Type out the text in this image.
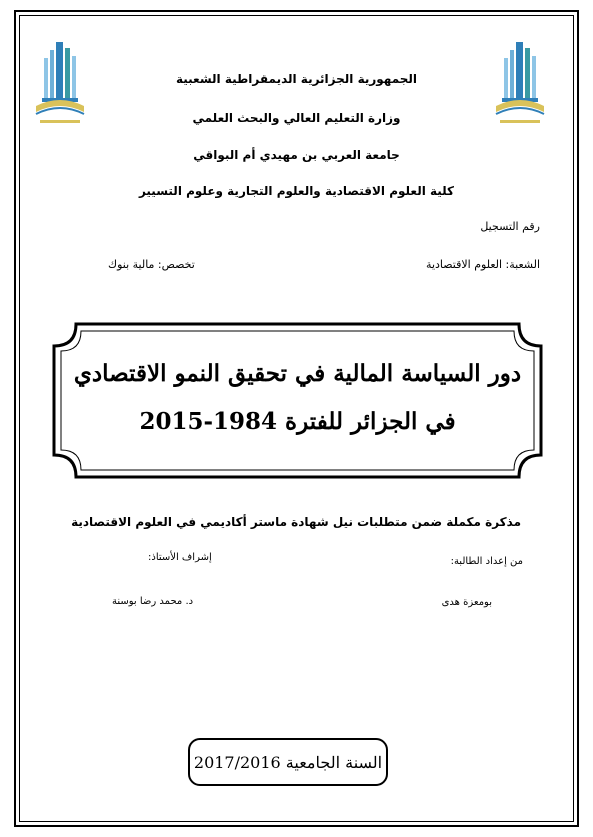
الجمهورية الجزائرية الديمقراطية الشعبية
وزارة التعليم العالي والبحث العلمي
جامعة العربي بن مهيدي أم البواقي
كلية العلوم الاقتصادية والعلوم التجارية وعلوم التسيير
رقم التسجيل
الشعبة: العلوم الاقتصادية
تخصص: مالية بنوك
دور السياسة المالية في تحقيق النمو الاقتصادي
في الجزائر للفترة 1984-2015
مذكرة مكملة ضمن متطلبات نيل شهادة ماستر أكاديمي في العلوم الاقتصادية
من إعداد الطالبة:
إشراف الأستاذ:
بومعزة هدى
د. محمد رضا بوسنة
السنة الجامعية 2017/2016
